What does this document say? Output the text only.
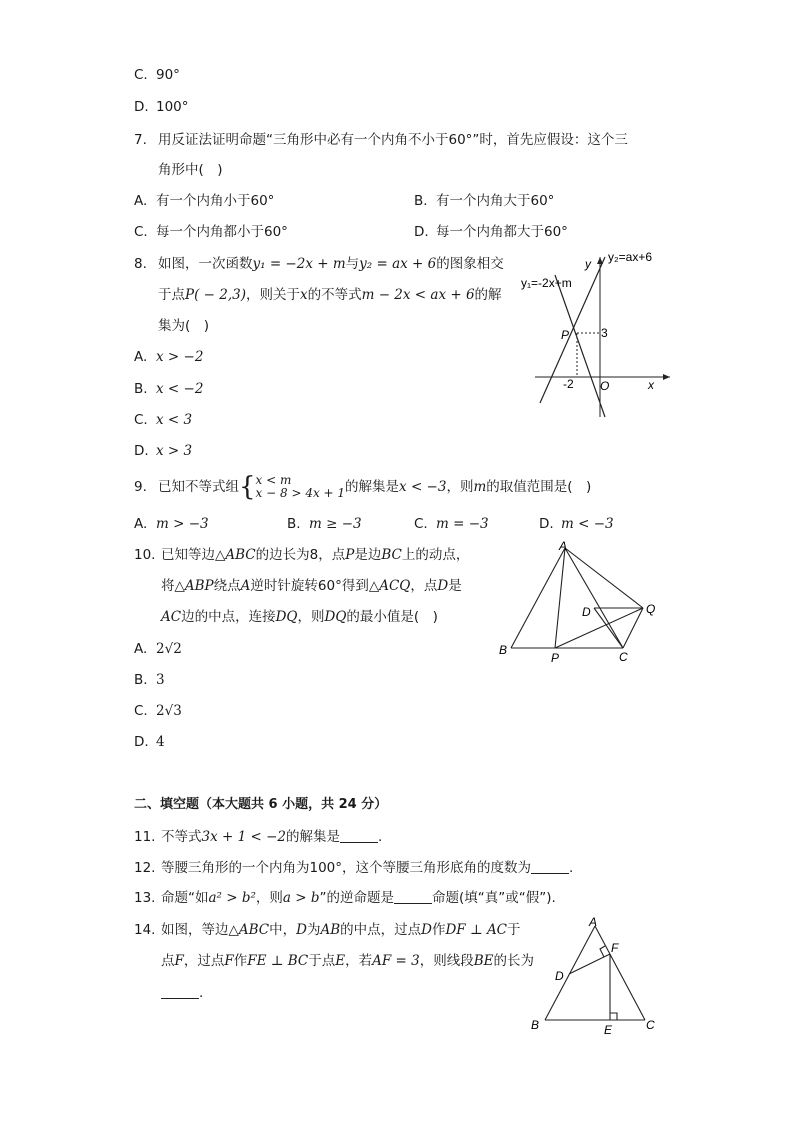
C. 90°
D. 100°
7. 用反证法证明命题“三角形中必有一个内角不小于60°”时，首先应假设：这个三
角形中(　)
A. 有一个内角小于60°	B. 有一个内角大于60°
C. 每一个内角都小于60°	D. 每一个内角都大于60°
8. 如图，一次函数y₁ = −2x + m与y₂ = ax + 6的图象相交
于点P( − 2,3)，则关于x的不等式m − 2x < ax + 6的解
集为(　)
A. x > −2
B. x < −2
C. x < 3
D. x > 3
y₁=-2x+m
y₂=ax+6
y
x
O
P	3
-2
9. 已知不等式组{x < m
x − 8 > 4x + 1的解集是x < −3，则m的取值范围是(　)
A. m > −3	B. m ≥ −3	C. m = −3	D. m < −3
10. 已知等边△ABC的边长为8，点P是边BC上的动点，
将△ABP绕点A逆时针旋转60°得到△ACQ，点D是
AC边的中点，连接DQ，则DQ的最小值是(　)
A. 2√2
B. 3
C. 2√3
D. 4
A
B	C
D
P
Q
二、填空题（本大题共 6 小题，共 24 分）
11. 不等式3x + 1 < −2的解集是	.
12. 等腰三角形的一个内角为100°，这个等腰三角形底角的度数为	.
13. 命题“如a² > b²，则a > b”的逆命题是	命题(填“真”或“假”).
14. 如图，等边△ABC中，D为AB的中点，过点D作DF ⊥ AC于
点F，过点F作FE ⊥ BC于点E，若AF = 3，则线段BE的长为
.
A
B	C
D
E
F
